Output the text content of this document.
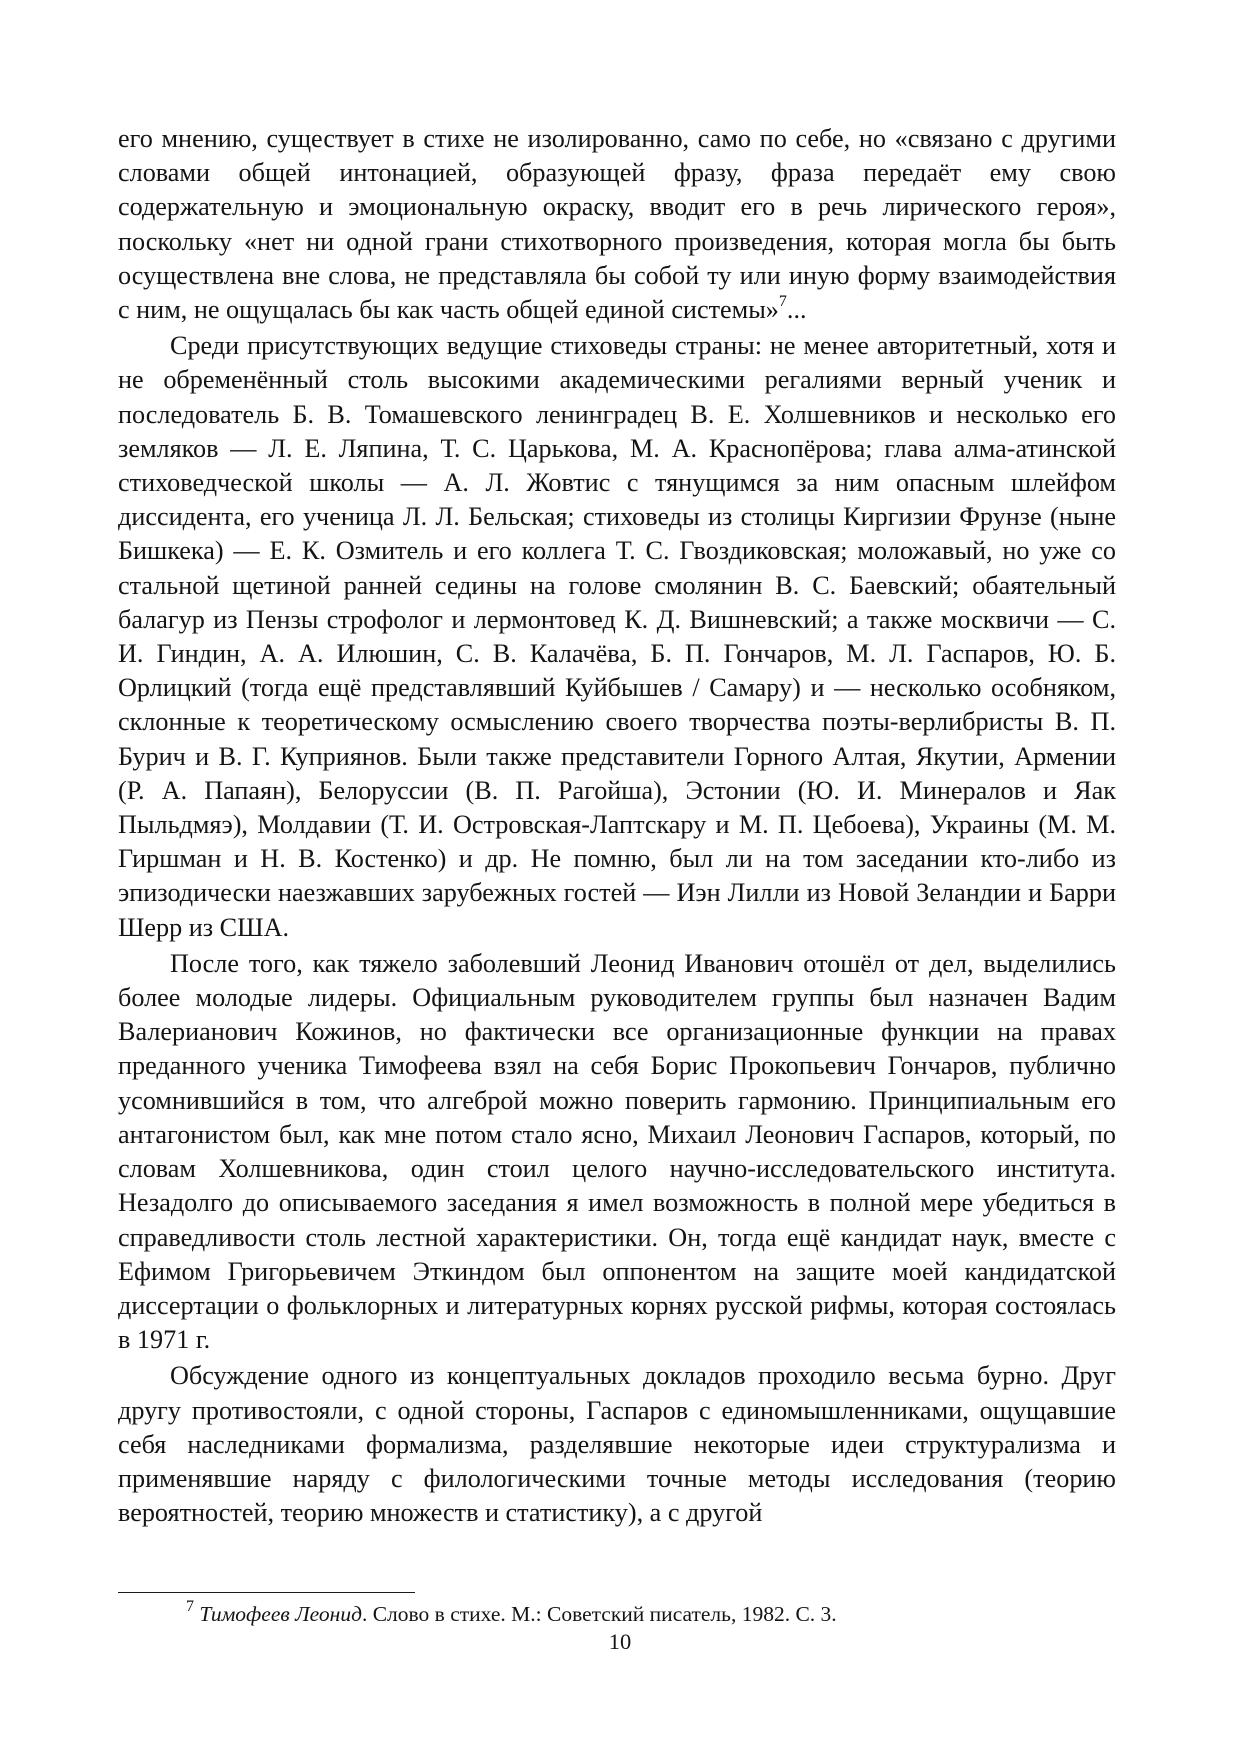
его мнению, существует в стихе не изолированно, само по себе, но «связано с другими словами общей интонацией, образующей фразу, фраза передаёт ему свою содержательную и эмоциональную окраску, вводит его в речь лирического героя», поскольку «нет ни одной грани стихотворного произведения, которая могла бы быть осуществлена вне слова, не представляла бы собой ту или иную форму взаимодействия с ним, не ощущалась бы как часть общей единой системы»$^7$...

Среди присутствующих ведущие стиховеды страны: не менее авторитетный, хотя и не обременённый столь высокими академическими регалиями верный ученик и последователь Б. В. Томашевского ленинградец В. Е. Холшевников и несколько его земляков — Л. Е. Ляпина, Т. С. Царькова, М. А. Краснопёрова; глава алма-атинской стиховедческой школы — А. Л. Жовтис с тянущимся за ним опасным шлейфом диссидента, его ученица Л. Л. Бельская; стиховеды из столицы Киргизии Фрунзе (ныне Бишкека) — Е. К. Озмитель и его коллега Т. С. Гвоздиковская; моложавый, но уже со стальной щетиной ранней седины на голове смолянин В. С. Баевский; обаятельный балагур из Пензы строфолог и лермонтовед К. Д. Вишневский; а также москвичи — С. И. Гиндин, А. А. Илюшин, С. В. Калачёва, Б. П. Гончаров, М. Л. Гаспаров, Ю. Б. Орлицкий (тогда ещё представлявший Куйбышев / Самару) и — несколько особняком, склонные к теоретическому осмыслению своего творчества поэты-верлибристы В. П. Бурич и В. Г. Куприянов. Были также представители Горного Алтая, Якутии, Армении (Р. А. Папаян), Белоруссии (В. П. Рагойша), Эстонии (Ю. И. Минералов и Яак Пыльдмяэ), Молдавии (Т. И. Островская-Лаптскару и М. П. Цебоева), Украины (М. М. Гиршман и Н. В. Костенко) и др. Не помню, был ли на том заседании кто-либо из эпизодически наезжавших зарубежных гостей — Иэн Лилли из Новой Зеландии и Барри Шерр из США.

После того, как тяжело заболевший Леонид Иванович отошёл от дел, выделились более молодые лидеры. Официальным руководителем группы был назначен Вадим Валерианович Кожинов, но фактически все организационные функции на правах преданного ученика Тимофеева взял на себя Борис Прокопьевич Гончаров, публично усомнившийся в том, что алгеброй можно поверить гармонию. Принципиальным его антагонистом был, как мне потом стало ясно, Михаил Леонович Гаспаров, который, по словам Холшевникова, один стоил целого научно-исследовательского института. Незадолго до описываемого заседания я имел возможность в полной мере убедиться в справедливости столь лестной характеристики. Он, тогда ещё кандидат наук, вместе с Ефимом Григорьевичем Эткиндом был оппонентом на защите моей кандидатской диссертации о фольклорных и литературных корнях русской рифмы, которая состоялась в 1971 г.

Обсуждение одного из концептуальных докладов проходило весьма бурно. Друг другу противостояли, с одной стороны, Гаспаров с единомышленниками, ощущавшие себя наследниками формализма, разделявшие некоторые идеи структурализма и применявшие наряду с филологическими точные методы исследования (теорию вероятностей, теорию множеств и статистику), а с другой

$^7$ Тимофеев Леонид. Слово в стихе. М.: Советский писатель, 1982. С. 3.
10
